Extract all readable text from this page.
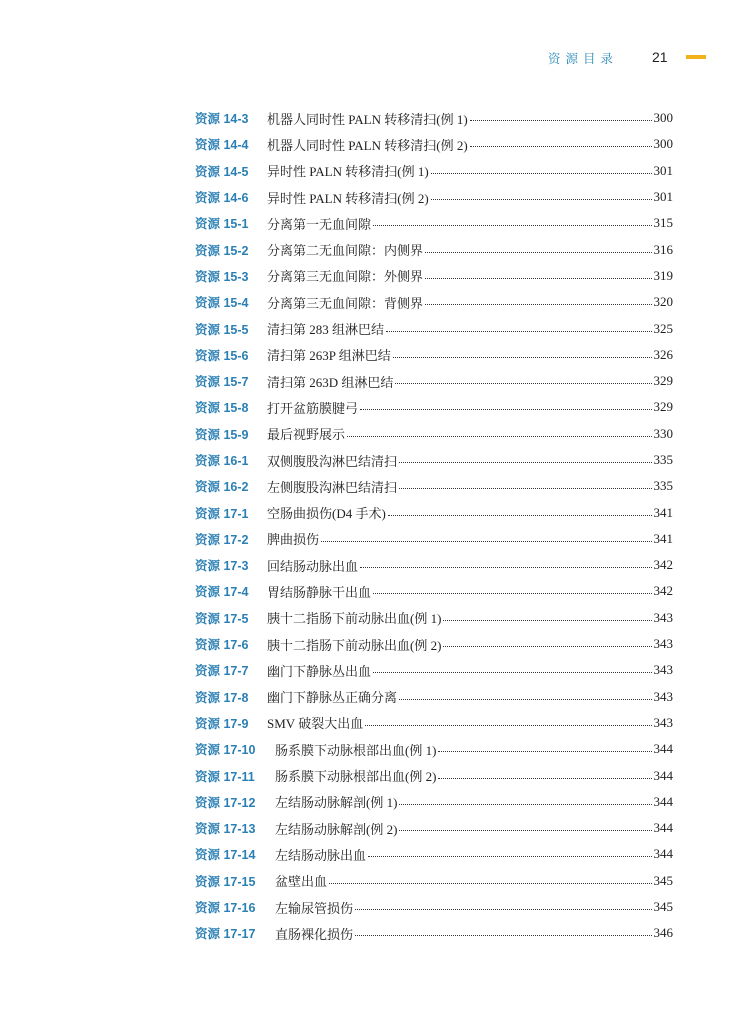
资源目录 21
资源 14-3	机器人同时性 PALN 转移清扫(例 1)	300
资源 14-4	机器人同时性 PALN 转移清扫(例 2)	300
资源 14-5	异时性 PALN 转移清扫(例 1)	301
资源 14-6	异时性 PALN 转移清扫(例 2)	301
资源 15-1	分离第一无血间隙	315
资源 15-2	分离第二无血间隙：内侧界	316
资源 15-3	分离第三无血间隙：外侧界	319
资源 15-4	分离第三无血间隙：背侧界	320
资源 15-5	清扫第 283 组淋巴结	325
资源 15-6	清扫第 263P 组淋巴结	326
资源 15-7	清扫第 263D 组淋巴结	329
资源 15-8	打开盆筋膜腱弓	329
资源 15-9	最后视野展示	330
资源 16-1	双侧腹股沟淋巴结清扫	335
资源 16-2	左侧腹股沟淋巴结清扫	335
资源 17-1	空肠曲损伤(D4 手术)	341
资源 17-2	脾曲损伤	341
资源 17-3	回结肠动脉出血	342
资源 17-4	胃结肠静脉干出血	342
资源 17-5	胰十二指肠下前动脉出血(例 1)	343
资源 17-6	胰十二指肠下前动脉出血(例 2)	343
资源 17-7	幽门下静脉丛出血	343
资源 17-8	幽门下静脉丛正确分离	343
资源 17-9	SMV 破裂大出血	343
资源 17-10	肠系膜下动脉根部出血(例 1)	344
资源 17-11	肠系膜下动脉根部出血(例 2)	344
资源 17-12	左结肠动脉解剖(例 1)	344
资源 17-13	左结肠动脉解剖(例 2)	344
资源 17-14	左结肠动脉出血	344
资源 17-15	盆壁出血	345
资源 17-16	左输尿管损伤	345
资源 17-17	直肠裸化损伤	346
